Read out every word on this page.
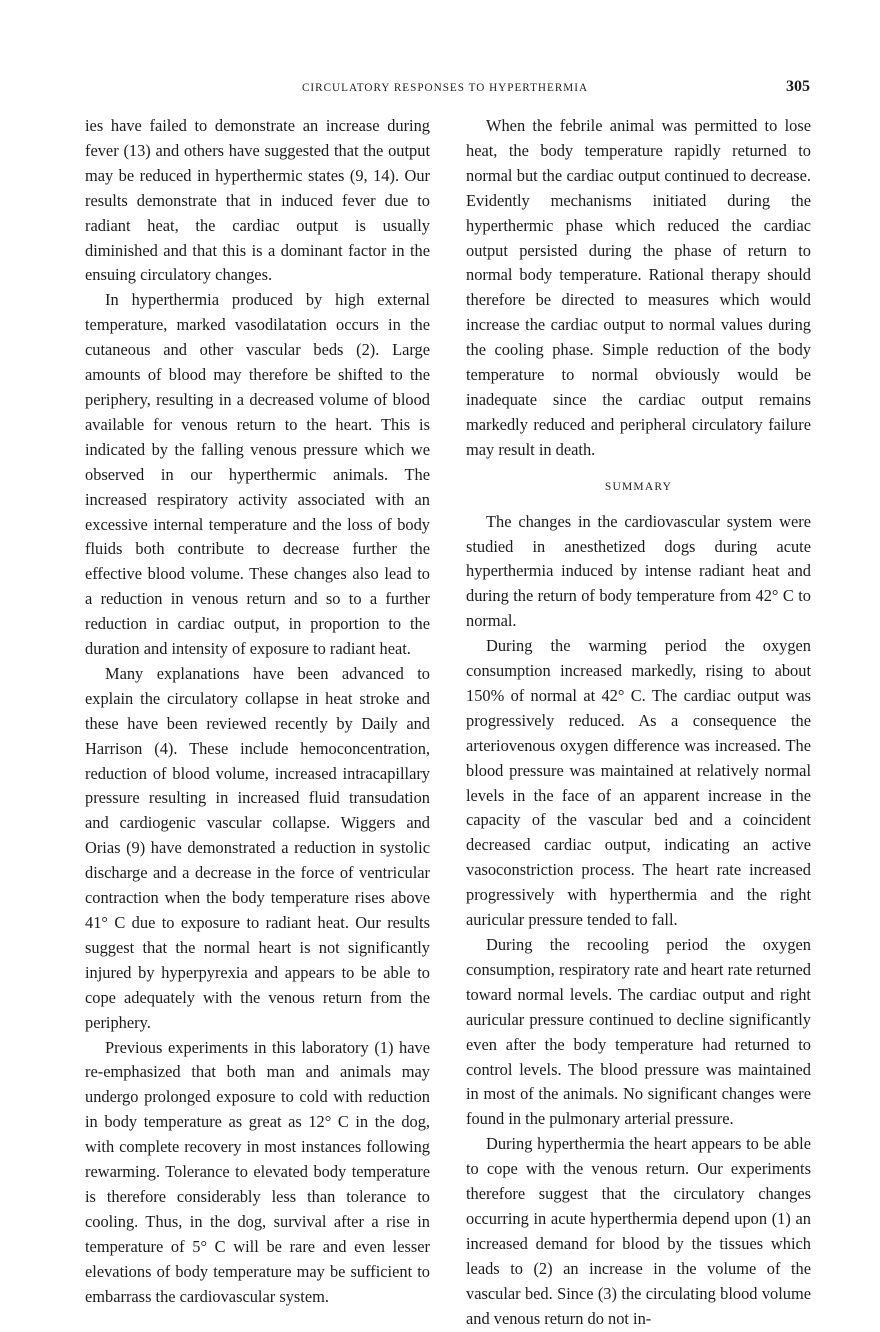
CIRCULATORY RESPONSES TO HYPERTHERMIA	305

ies have failed to demonstrate an increase during fever (13) and others have suggested that the output may be reduced in hyperthermic states (9, 14). Our results demonstrate that in induced fever due to radiant heat, the cardiac output is usually diminished and that this is a dominant factor in the ensuing circulatory changes.

In hyperthermia produced by high external temperature, marked vasodilatation occurs in the cutaneous and other vascular beds (2). Large amounts of blood may therefore be shifted to the periphery, resulting in a decreased volume of blood available for venous return to the heart. This is indicated by the falling venous pressure which we observed in our hyperthermic animals. The increased respiratory activity associated with an excessive internal temperature and the loss of body fluids both contribute to decrease further the effective blood volume. These changes also lead to a reduction in venous return and so to a further reduction in cardiac output, in proportion to the duration and intensity of exposure to radiant heat.

Many explanations have been advanced to explain the circulatory collapse in heat stroke and these have been reviewed recently by Daily and Harrison (4). These include hemoconcentration, reduction of blood volume, increased intracapillary pressure resulting in increased fluid transudation and cardiogenic vascular collapse. Wiggers and Orias (9) have demonstrated a reduction in systolic discharge and a decrease in the force of ventricular contraction when the body temperature rises above 41° C due to exposure to radiant heat. Our results suggest that the normal heart is not significantly injured by hyperpyrexia and appears to be able to cope adequately with the venous return from the periphery.

Previous experiments in this laboratory (1) have re-emphasized that both man and animals may undergo prolonged exposure to cold with reduction in body temperature as great as 12° C in the dog, with complete recovery in most instances following rewarming. Tolerance to elevated body temperature is therefore considerably less than tolerance to cooling. Thus, in the dog, survival after a rise in temperature of 5° C will be rare and even lesser elevations of body temperature may be sufficient to embarrass the cardiovascular system.

When the febrile animal was permitted to lose heat, the body temperature rapidly returned to normal but the cardiac output continued to decrease. Evidently mechanisms initiated during the hyperthermic phase which reduced the cardiac output persisted during the phase of return to normal body temperature. Rational therapy should therefore be directed to measures which would increase the cardiac output to normal values during the cooling phase. Simple reduction of the body temperature to normal obviously would be inadequate since the cardiac output remains markedly reduced and peripheral circulatory failure may result in death.

SUMMARY

The changes in the cardiovascular system were studied in anesthetized dogs during acute hyperthermia induced by intense radiant heat and during the return of body temperature from 42° C to normal.

During the warming period the oxygen consumption increased markedly, rising to about 150% of normal at 42° C. The cardiac output was progressively reduced. As a consequence the arteriovenous oxygen difference was increased. The blood pressure was maintained at relatively normal levels in the face of an apparent increase in the capacity of the vascular bed and a coincident decreased cardiac output, indicating an active vasoconstriction process. The heart rate increased progressively with hyperthermia and the right auricular pressure tended to fall.

During the recooling period the oxygen consumption, respiratory rate and heart rate returned toward normal levels. The cardiac output and right auricular pressure continued to decline significantly even after the body temperature had returned to control levels. The blood pressure was maintained in most of the animals. No significant changes were found in the pulmonary arterial pressure.

During hyperthermia the heart appears to be able to cope with the venous return. Our experiments therefore suggest that the circulatory changes occurring in acute hyperthermia depend upon (1) an increased demand for blood by the tissues which leads to (2) an increase in the volume of the vascular bed. Since (3) the circulating blood volume and venous return do not in-
